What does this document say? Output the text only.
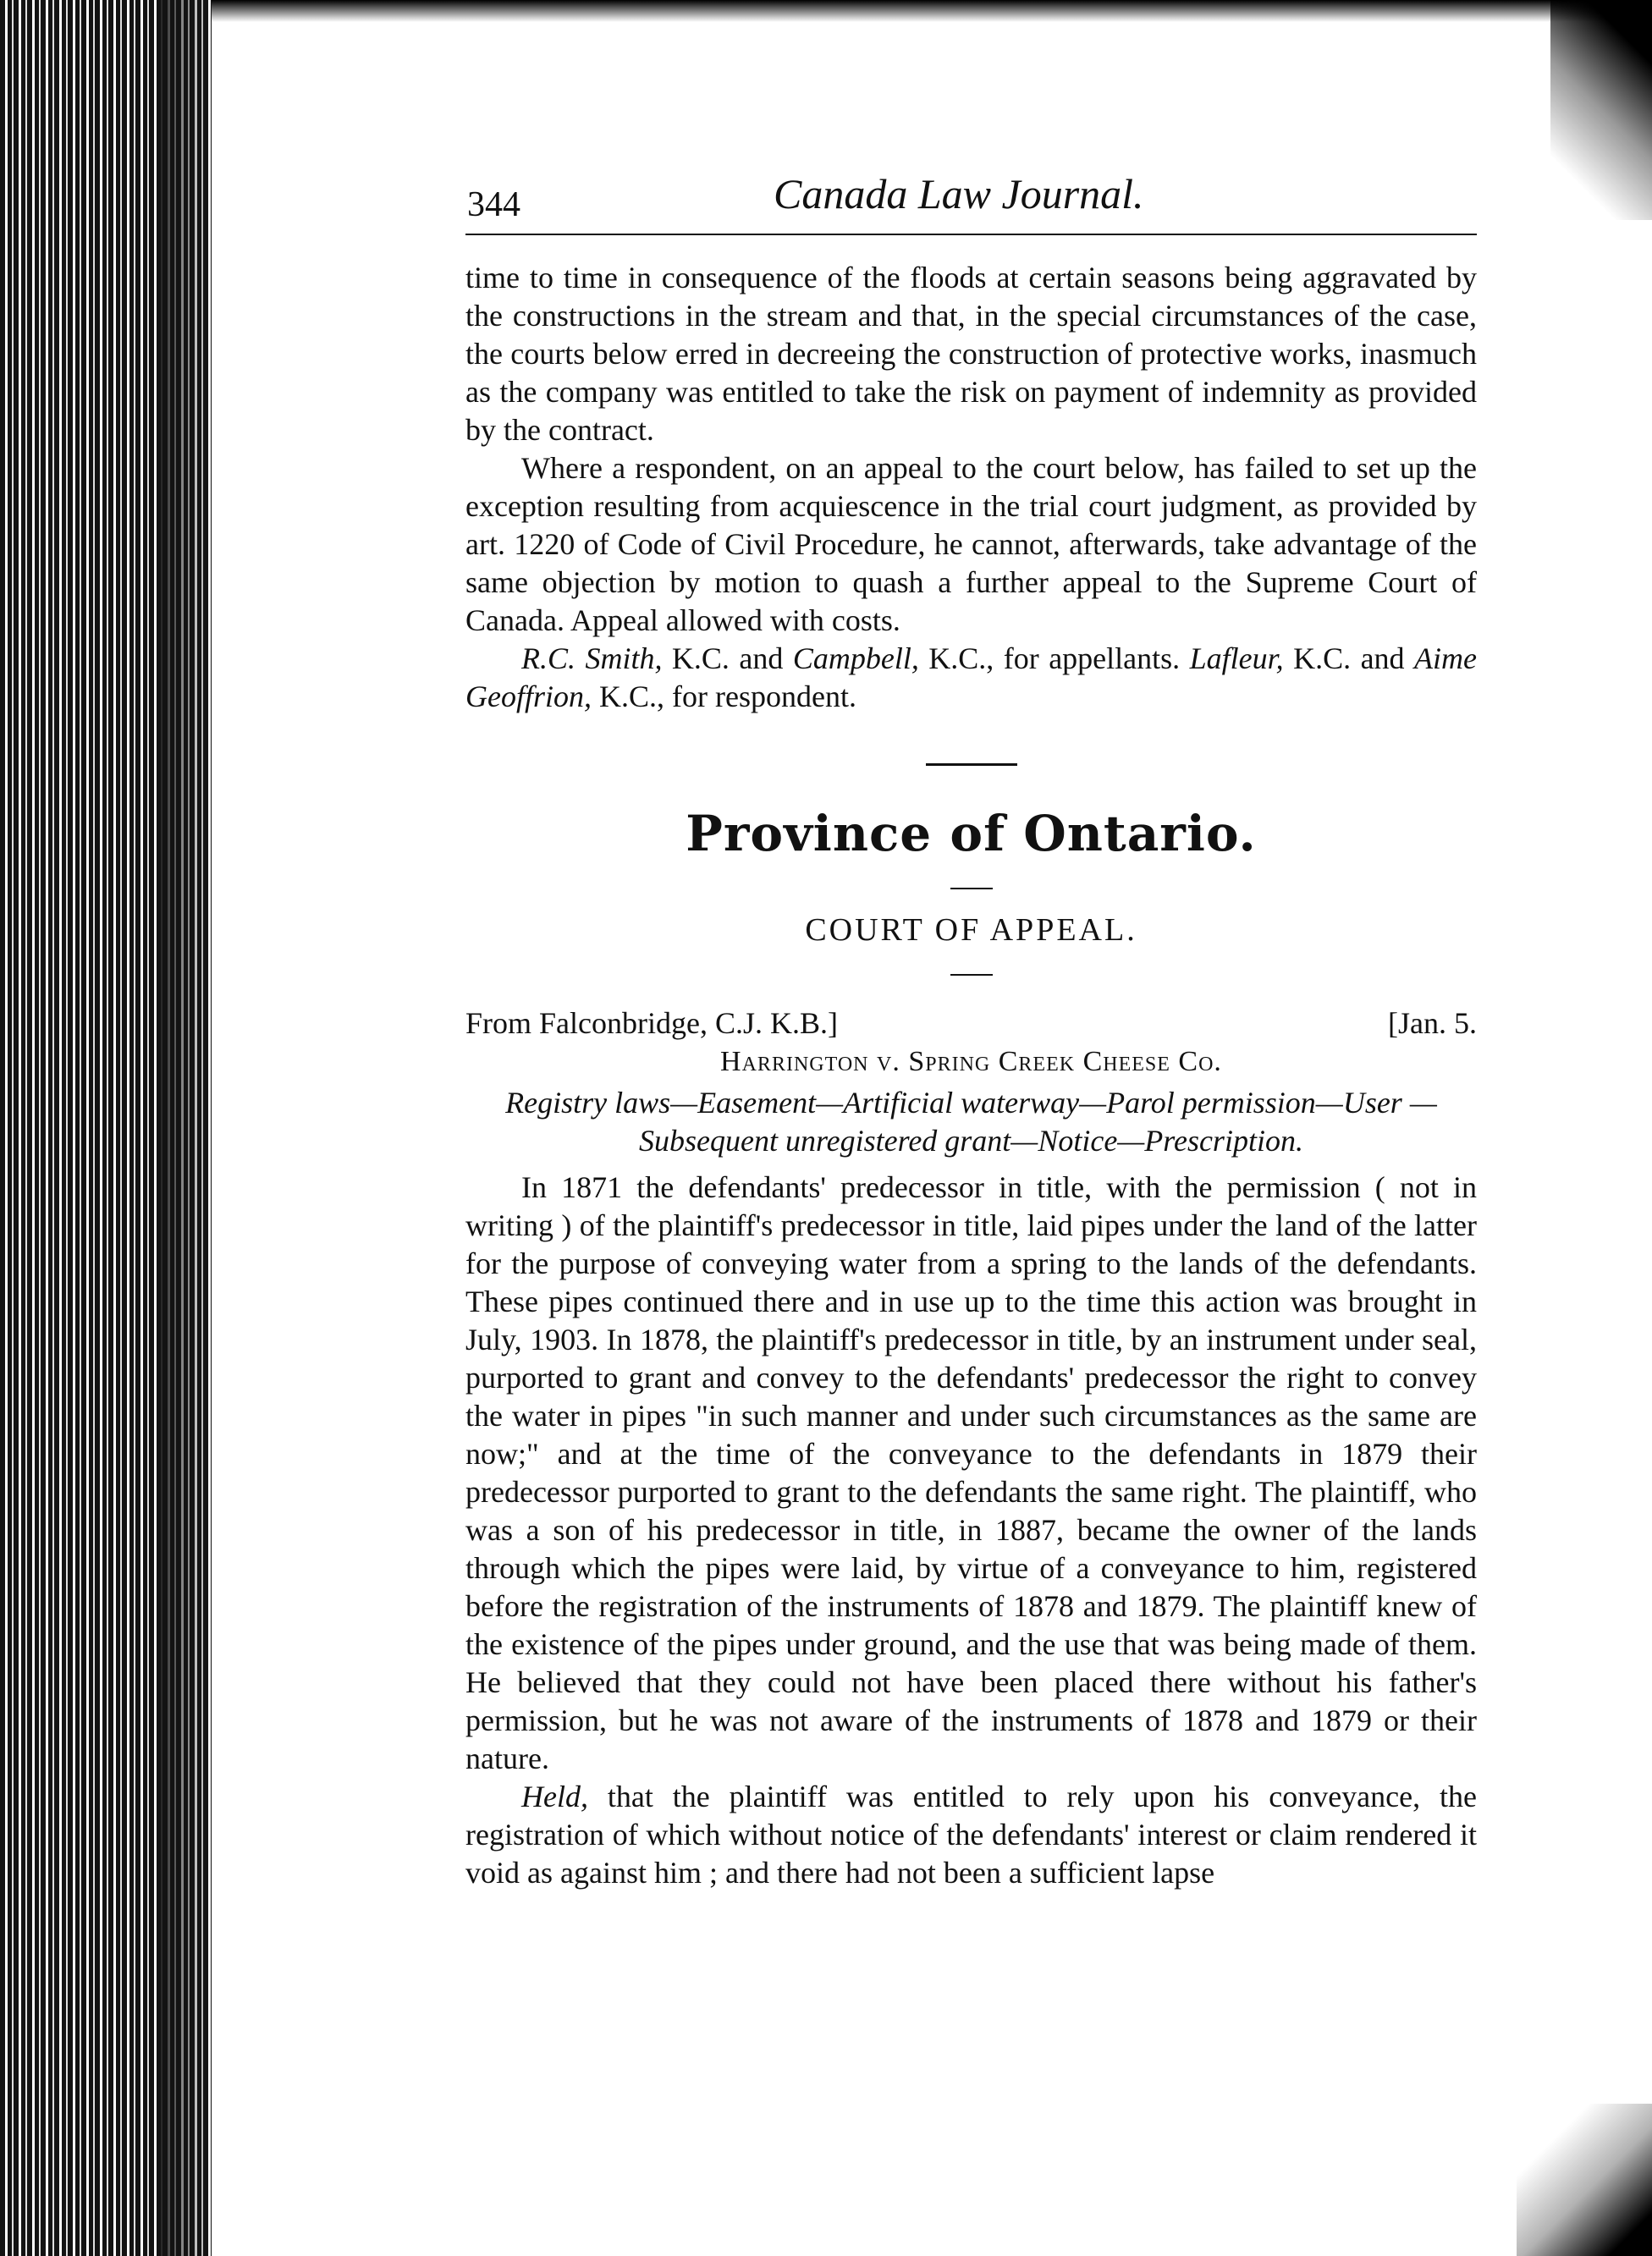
344	Canada Law Journal.

time to time in consequence of the floods at certain seasons being aggravated by the constructions in the stream and that, in the special circumstances of the case, the courts below erred in decreeing the construction of protective works, inasmuch as the company was entitled to take the risk on payment of indemnity as provided by the contract.

Where a respondent, on an appeal to the court below, has failed to set up the exception resulting from acquiescence in the trial court judgment, as provided by art. 1220 of Code of Civil Procedure, he cannot, afterwards, take advantage of the same objection by motion to quash a further appeal to the Supreme Court of Canada. Appeal allowed with costs.

R.C. Smith, K.C. and Campbell, K.C., for appellants. Lafleur, K.C. and Aime Geoffrion, K.C., for respondent.

Province of Ontario.

COURT OF APPEAL.

From Falconbridge, C.J. K.B.]	[Jan. 5.
Harrington v. Spring Creek Cheese Co.

Registry laws—Easement—Artificial waterway—Parol permission—User —Subsequent unregistered grant—Notice—Prescription.

In 1871 the defendants' predecessor in title, with the permission ( not in writing ) of the plaintiff's predecessor in title, laid pipes under the land of the latter for the purpose of conveying water from a spring to the lands of the defendants. These pipes continued there and in use up to the time this action was brought in July, 1903. In 1878, the plaintiff's predecessor in title, by an instrument under seal, purported to grant and convey to the defendants' predecessor the right to convey the water in pipes "in such manner and under such circumstances as the same are now;" and at the time of the conveyance to the defendants in 1879 their predecessor purported to grant to the defendants the same right. The plaintiff, who was a son of his predecessor in title, in 1887, became the owner of the lands through which the pipes were laid, by virtue of a conveyance to him, registered before the registration of the instruments of 1878 and 1879. The plaintiff knew of the existence of the pipes under ground, and the use that was being made of them. He believed that they could not have been placed there without his father's permission, but he was not aware of the instruments of 1878 and 1879 or their nature.

Held, that the plaintiff was entitled to rely upon his conveyance, the registration of which without notice of the defendants' interest or claim rendered it void as against him ; and there had not been a sufficient lapse
